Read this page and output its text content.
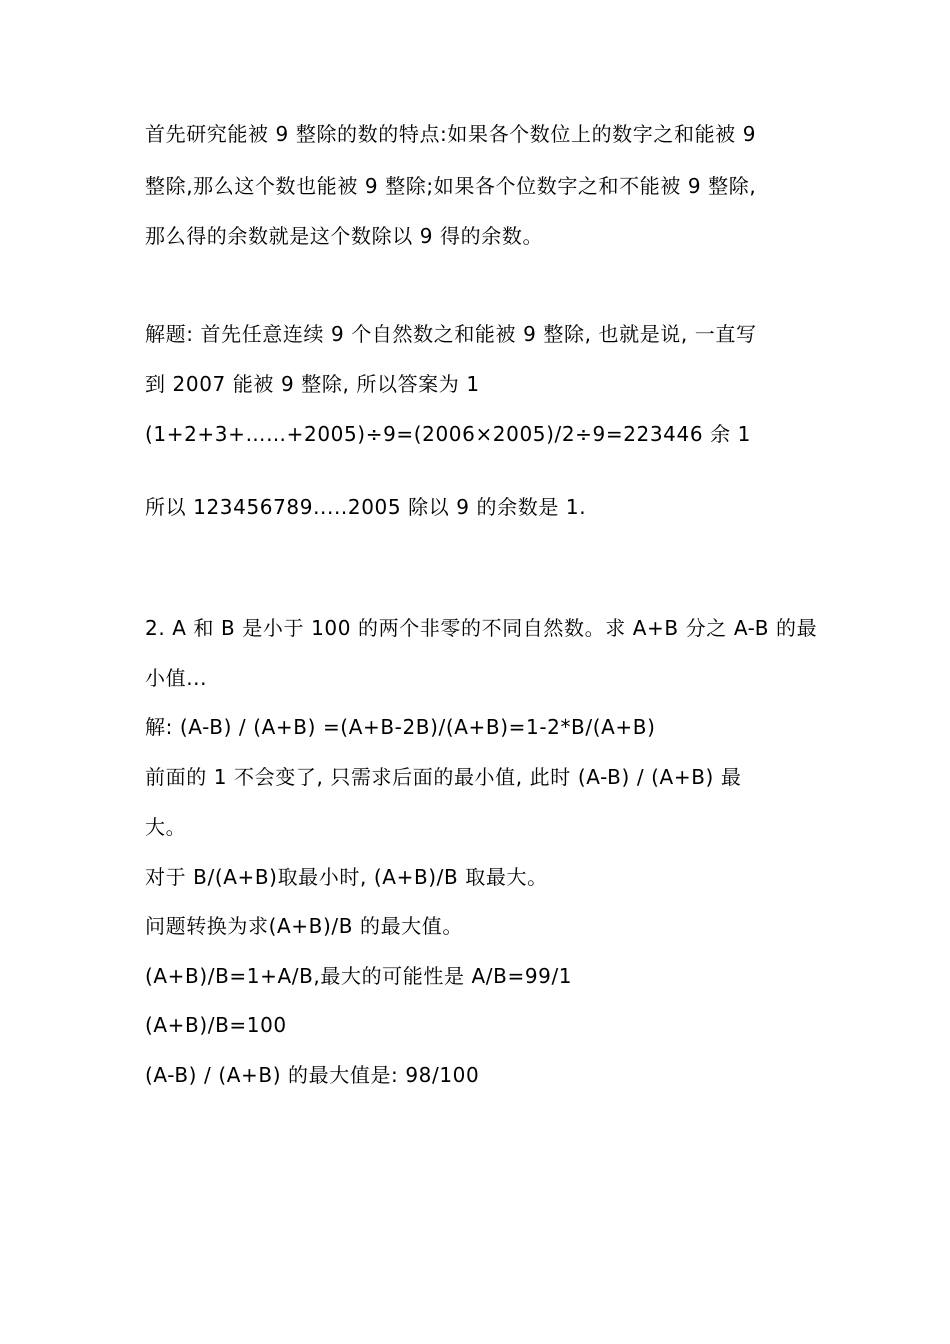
首先研究能被 9 整除的数的特点:如果各个数位上的数字之和能被 9
整除,那么这个数也能被 9 整除;如果各个位数字之和不能被 9 整除,
那么得的余数就是这个数除以 9 得的余数。
解题: 首先任意连续 9 个自然数之和能被 9 整除, 也就是说, 一直写
到 2007 能被 9 整除, 所以答案为 1
(1+2+3+……+2005)÷9=(2006×2005)/2÷9=223446 余 1
所以 123456789.....2005 除以 9 的余数是 1.
2. A 和 B 是小于 100 的两个非零的不同自然数。求 A+B 分之 A-B 的最
小值...
解: (A-B) / (A+B) =(A+B-2B)/(A+B)=1-2*B/(A+B)
前面的 1 不会变了, 只需求后面的最小值, 此时 (A-B) / (A+B) 最
大。
对于 B/(A+B)取最小时, (A+B)/B 取最大。
问题转换为求(A+B)/B 的最大值。
(A+B)/B=1+A/B,最大的可能性是 A/B=99/1
(A+B)/B=100
(A-B) / (A+B) 的最大值是: 98/100
